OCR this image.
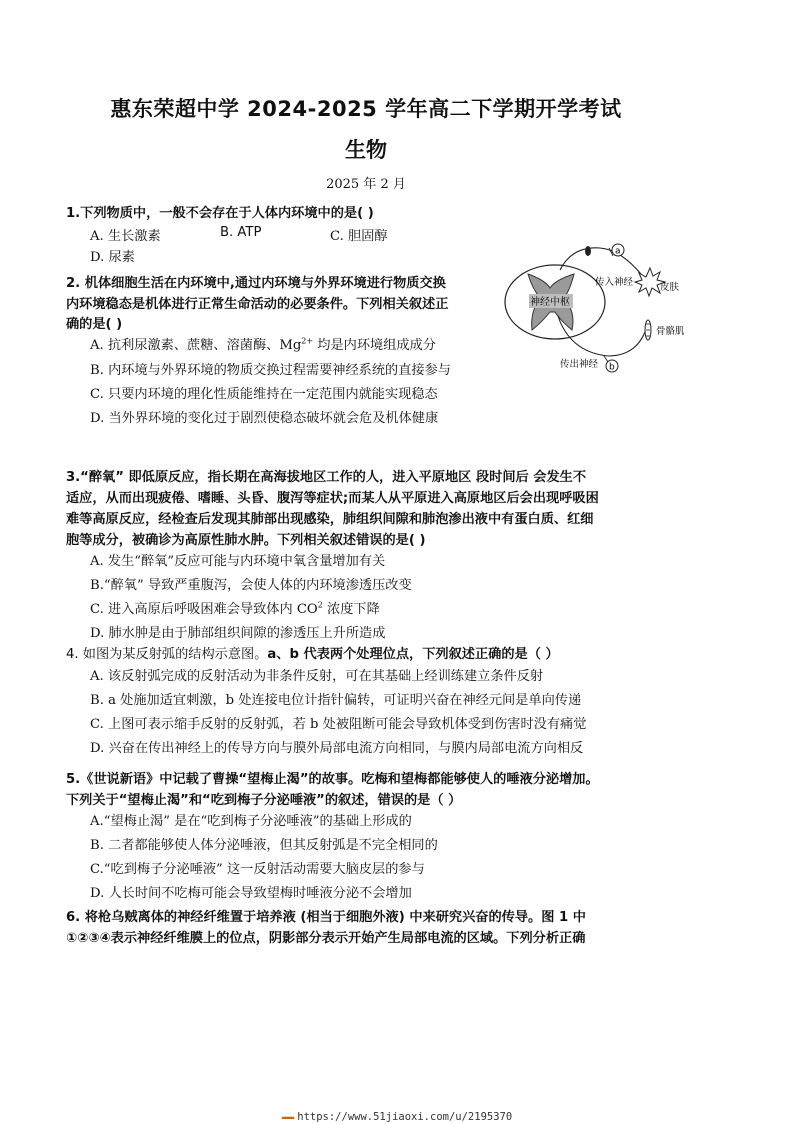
惠东荣超中学 2024-2025 学年高二下学期开学考试
生物
2025 年 2 月
1.下列物质中，一般不会存在于人体内环境中的是( )
A. 生长激素	B. ATP	C. 胆固醇
D. 尿素
2. 机体细胞生活在内环境中,通过内环境与外界环境进行物质交换
内环境稳态是机体进行正常生命活动的必要条件。下列相关叙述正
确的是( )
A. 抗利尿激素、蔗糖、溶菌酶、$Mg^{2+}$ 均是内环境组成成分
B. 内环境与外界环境的物质交换过程需要神经系统的直接参与
C. 只要内环境的理化性质能维持在一定范围内就能实现稳态
D. 当外界环境的变化过于剧烈使稳态破坏就会危及机体健康
a
传入神经	皮肤
神经中枢
骨骼肌
b
传出神经
3.“醉氧” 即低原反应，指长期在高海拔地区工作的人，进入平原地区 段时间后 会发生不
适应，从而出现疲倦、嗜睡、头昏、腹泻等症状;而某人从平原进入高原地区后会出现呼吸困
难等高原反应，经检查后发现其肺部出现感染，肺组织间隙和肺泡渗出液中有蛋白质、红细
胞等成分，被确诊为高原性肺水肿。下列相关叙述错误的是( )
A. 发生“醉氧”反应可能与内环境中氧含量增加有关
B.“醉氧” 导致严重腹泻，会使人体的内环境渗透压改变
C. 进入高原后呼吸困难会导致体内 $CO^2$ 浓度下降
D. 肺水肿是由于肺部组织间隙的渗透压上升所造成
4. 如图为某反射弧的结构示意图。a、b 代表两个处理位点，下列叙述正确的是（ ）
A. 该反射弧完成的反射活动为非条件反射，可在其基础上经训练建立条件反射
B. a 处施加适宜刺激，b 处连接电位计指针偏转，可证明兴奋在神经元间是单向传递
C. 上图可表示缩手反射的反射弧，若 b 处被阻断可能会导致机体受到伤害时没有痛觉
D. 兴奋在传出神经上的传导方向与膜外局部电流方向相同，与膜内局部电流方向相反
5.《世说新语》中记载了曹操“望梅止渴”的故事。吃梅和望梅都能够使人的唾液分泌增加。
下列关于“望梅止渴”和“吃到梅子分泌唾液”的叙述，错误的是（ ）
A.“望梅止渴” 是在“吃到梅子分泌唾液”的基础上形成的
B. 二者都能够使人体分泌唾液，但其反射弧是不完全相同的
C.“吃到梅子分泌唾液” 这一反射活动需要大脑皮层的参与
D. 人长时间不吃梅可能会导致望梅时唾液分泌不会增加
6. 将枪乌贼离体的神经纤维置于培养液 (相当于细胞外液) 中来研究兴奋的传导。图 1 中
①②③④表示神经纤维膜上的位点，阴影部分表示开始产生局部电流的区域。下列分析正确
▬▬▬ https://www.51jiaoxi.com/u/2195370
